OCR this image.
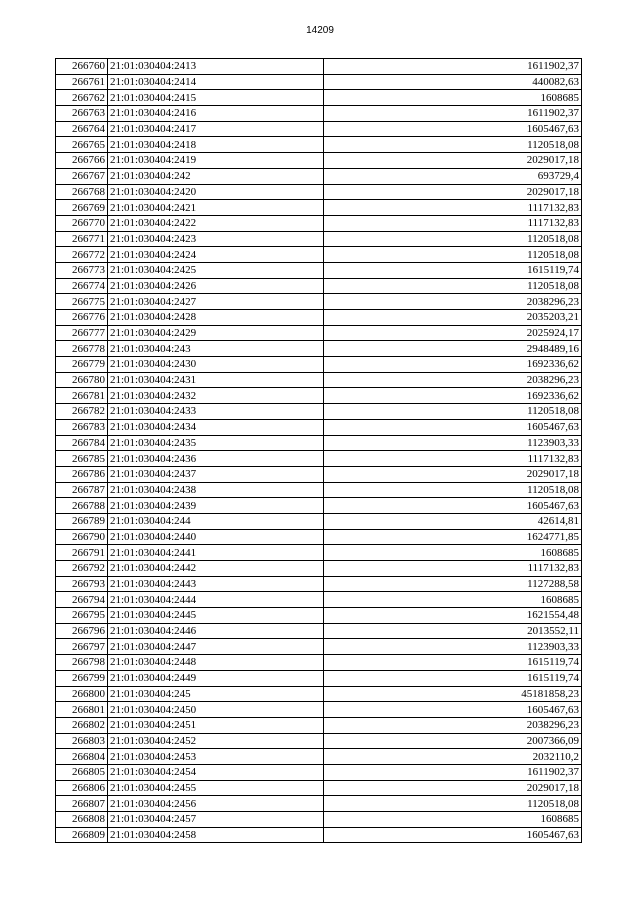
14209
266760	21:01:030404:2413	1611902,37
266761	21:01:030404:2414	440082,63
266762	21:01:030404:2415	1608685
266763	21:01:030404:2416	1611902,37
266764	21:01:030404:2417	1605467,63
266765	21:01:030404:2418	1120518,08
266766	21:01:030404:2419	2029017,18
266767	21:01:030404:242	693729,4
266768	21:01:030404:2420	2029017,18
266769	21:01:030404:2421	1117132,83
266770	21:01:030404:2422	1117132,83
266771	21:01:030404:2423	1120518,08
266772	21:01:030404:2424	1120518,08
266773	21:01:030404:2425	1615119,74
266774	21:01:030404:2426	1120518,08
266775	21:01:030404:2427	2038296,23
266776	21:01:030404:2428	2035203,21
266777	21:01:030404:2429	2025924,17
266778	21:01:030404:243	2948489,16
266779	21:01:030404:2430	1692336,62
266780	21:01:030404:2431	2038296,23
266781	21:01:030404:2432	1692336,62
266782	21:01:030404:2433	1120518,08
266783	21:01:030404:2434	1605467,63
266784	21:01:030404:2435	1123903,33
266785	21:01:030404:2436	1117132,83
266786	21:01:030404:2437	2029017,18
266787	21:01:030404:2438	1120518,08
266788	21:01:030404:2439	1605467,63
266789	21:01:030404:244	42614,81
266790	21:01:030404:2440	1624771,85
266791	21:01:030404:2441	1608685
266792	21:01:030404:2442	1117132,83
266793	21:01:030404:2443	1127288,58
266794	21:01:030404:2444	1608685
266795	21:01:030404:2445	1621554,48
266796	21:01:030404:2446	2013552,11
266797	21:01:030404:2447	1123903,33
266798	21:01:030404:2448	1615119,74
266799	21:01:030404:2449	1615119,74
266800	21:01:030404:245	45181858,23
266801	21:01:030404:2450	1605467,63
266802	21:01:030404:2451	2038296,23
266803	21:01:030404:2452	2007366,09
266804	21:01:030404:2453	2032110,2
266805	21:01:030404:2454	1611902,37
266806	21:01:030404:2455	2029017,18
266807	21:01:030404:2456	1120518,08
266808	21:01:030404:2457	1608685
266809	21:01:030404:2458	1605467,63
